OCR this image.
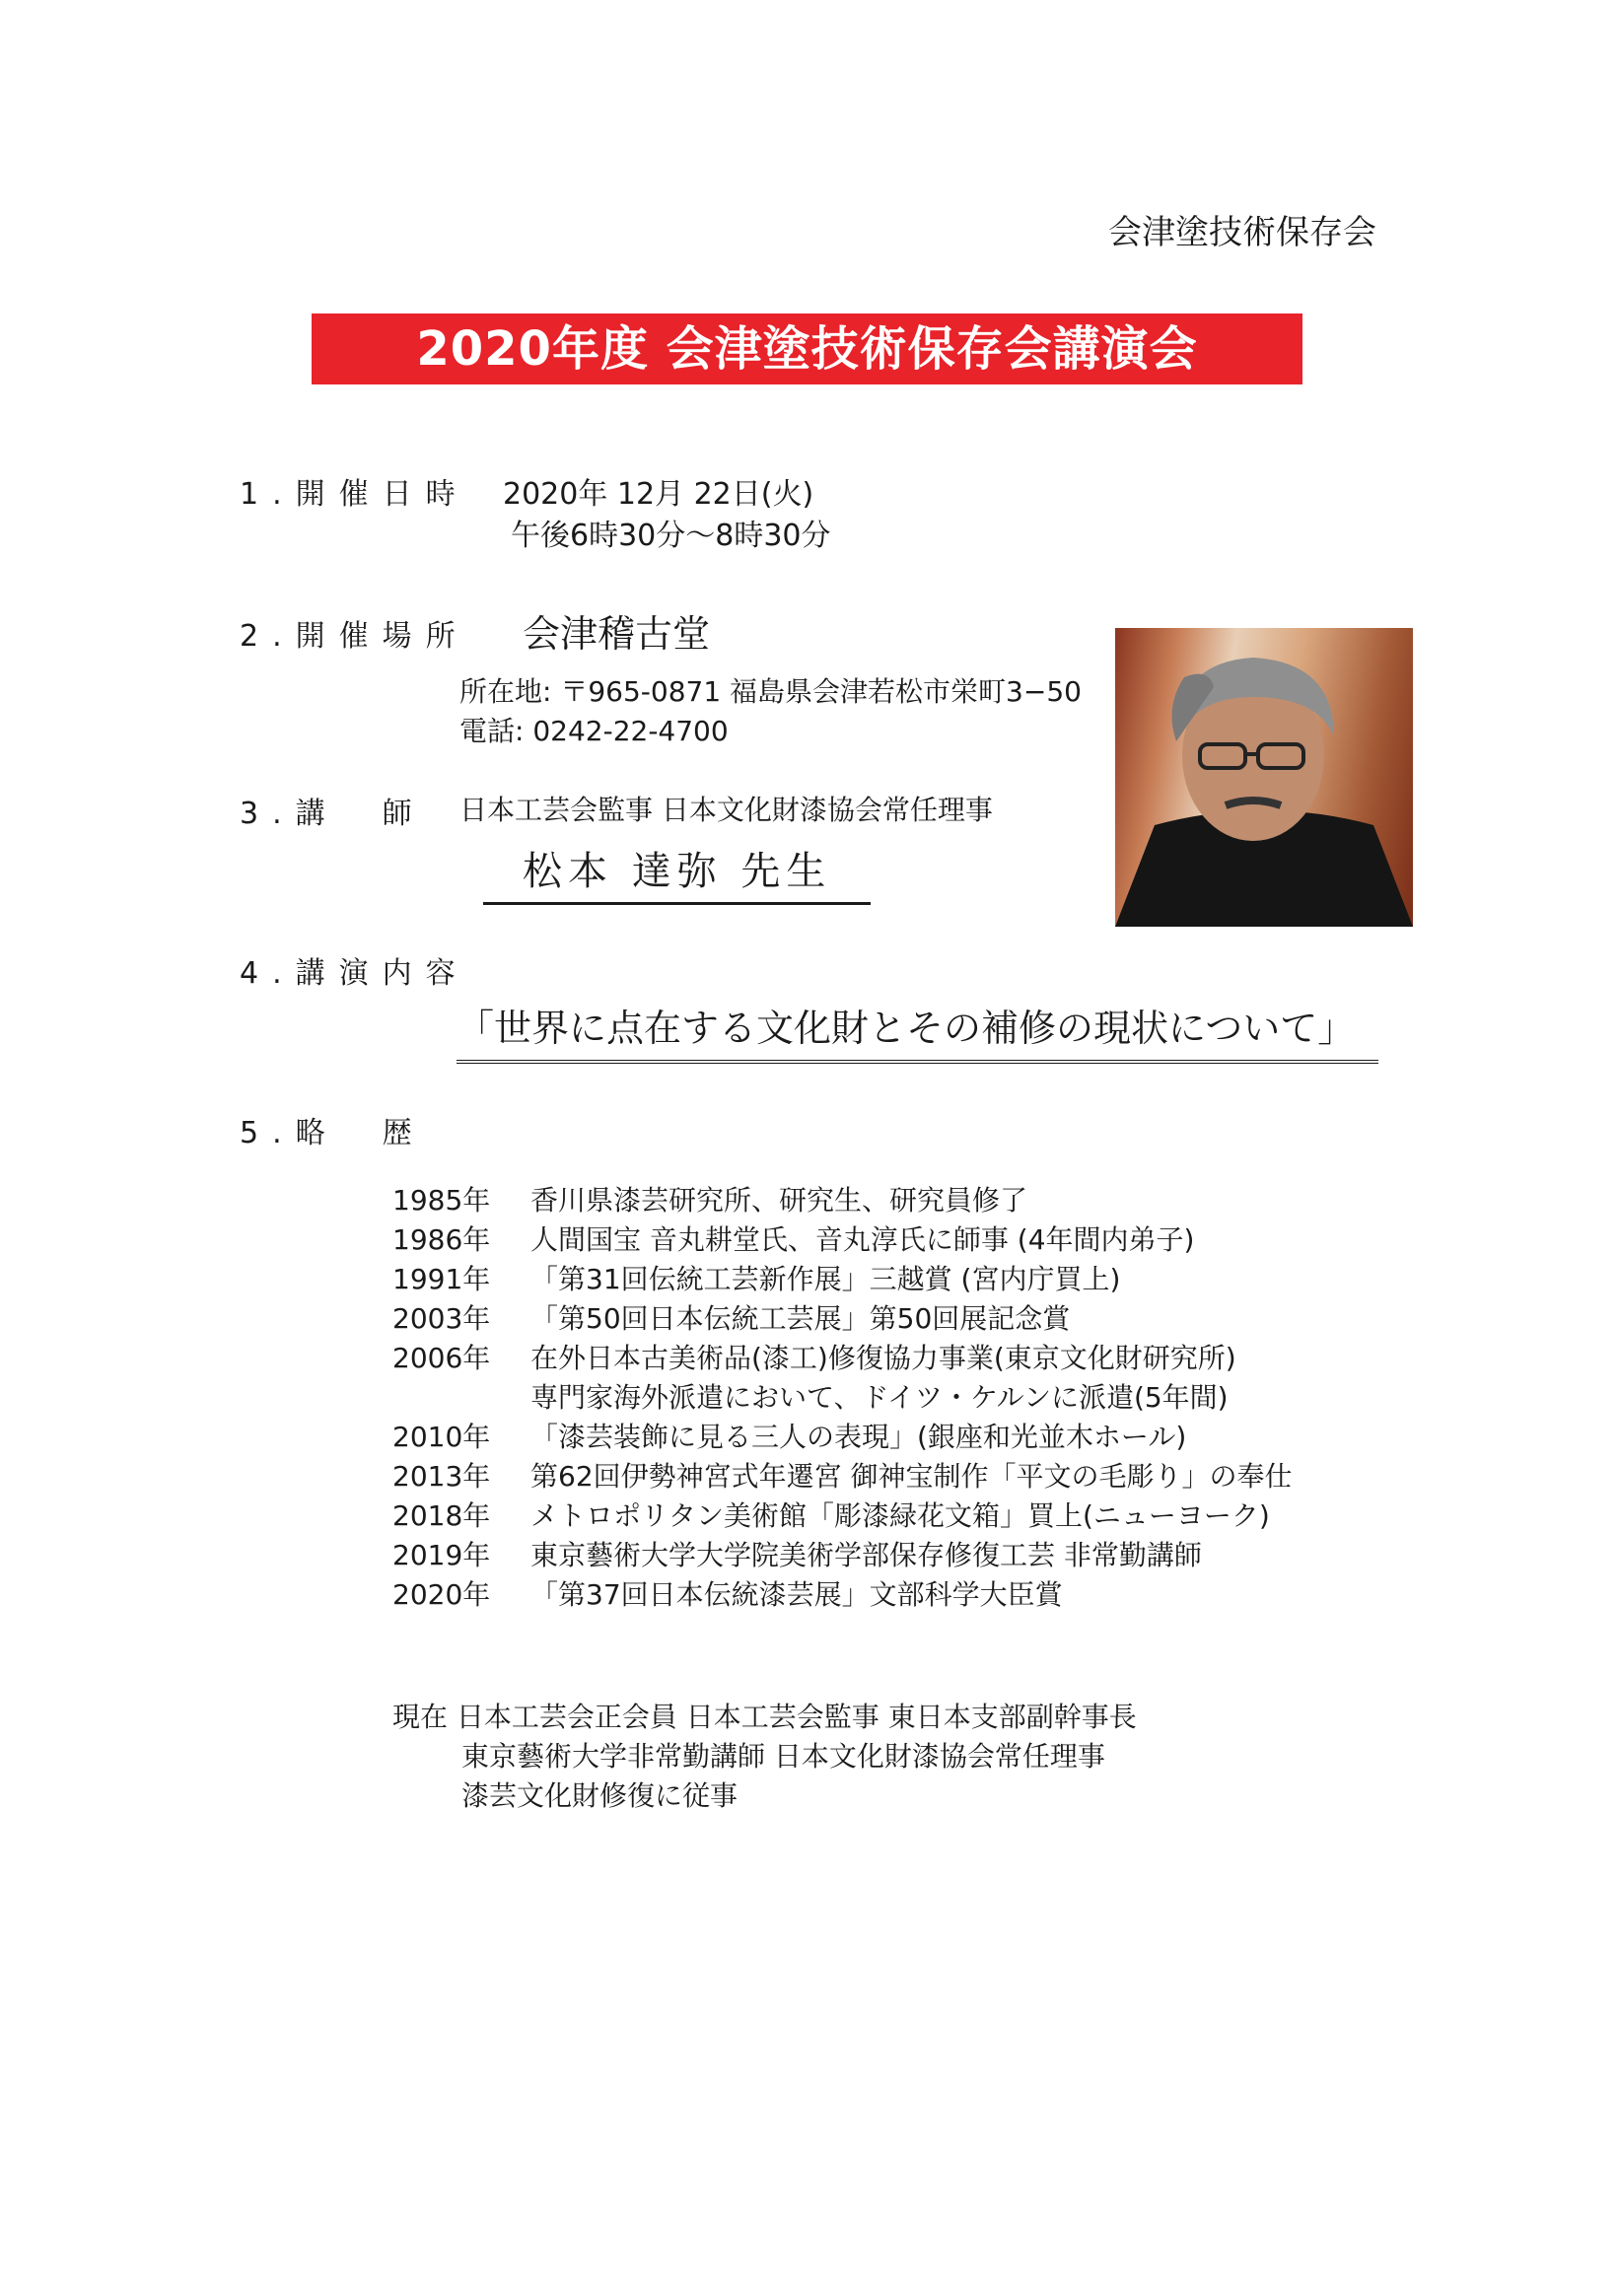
会津塗技術保存会
2020年度 会津塗技術保存会講演会
1.開催日時 2020年 12月 22日(火)
午後6時30分～8時30分
2.開催場所 会津稽古堂
所在地: 〒965-0871 福島県会津若松市栄町3−50
電話: 0242-22-4700
3.講　師 日本工芸会監事 日本文化財漆協会常任理事
松本 達弥 先生
4.講演内容
「世界に点在する文化財とその補修の現状について」
5.略　歴
1985年 香川県漆芸研究所、研究生、研究員修了
1986年 人間国宝 音丸耕堂氏、音丸淳氏に師事 (4年間内弟子)
1991年 「第31回伝統工芸新作展」三越賞 (宮内庁買上)
2003年 「第50回日本伝統工芸展」第50回展記念賞
2006年 在外日本古美術品(漆工)修復協力事業(東京文化財研究所)
専門家海外派遣において、ドイツ・ケルンに派遣(5年間)
2010年 「漆芸装飾に見る三人の表現」(銀座和光並木ホール)
2013年 第62回伊勢神宮式年遷宮 御神宝制作「平文の毛彫り」の奉仕
2018年 メトロポリタン美術館「彫漆緑花文箱」買上(ニューヨーク)
2019年 東京藝術大学大学院美術学部保存修復工芸 非常勤講師
2020年 「第37回日本伝統漆芸展」文部科学大臣賞
現在 日本工芸会正会員 日本工芸会監事 東日本支部副幹事長
東京藝術大学非常勤講師 日本文化財漆協会常任理事
漆芸文化財修復に従事
